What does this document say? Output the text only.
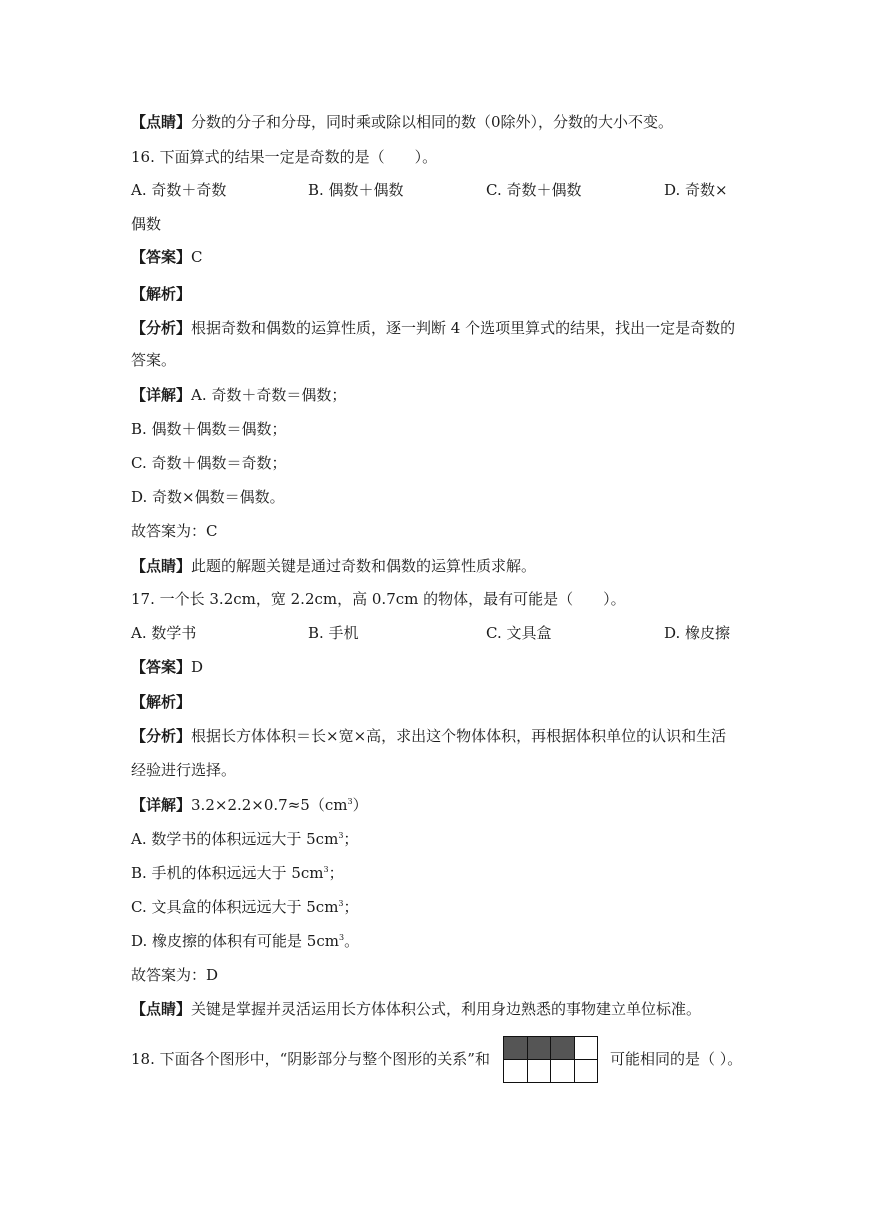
【点睛】分数的分子和分母，同时乘或除以相同的数（0除外），分数的大小不变。
16. 下面算式的结果一定是奇数的是（　　）。
A. 奇数＋奇数	B. 偶数＋偶数	C. 奇数＋偶数	D. 奇数×
偶数
【答案】C
【解析】
【分析】根据奇数和偶数的运算性质，逐一判断 4 个选项里算式的结果，找出一定是奇数的
答案。
【详解】A. 奇数＋奇数＝偶数；
B. 偶数＋偶数＝偶数；
C. 奇数＋偶数＝奇数；
D. 奇数×偶数＝偶数。
故答案为：C
【点睛】此题的解题关键是通过奇数和偶数的运算性质求解。
17. 一个长 3.2cm，宽 2.2cm，高 0.7cm 的物体，最有可能是（　　）。
A. 数学书	B. 手机	C. 文具盒	D. 橡皮擦
【答案】D
【解析】
【分析】根据长方体体积＝长×宽×高，求出这个物体体积，再根据体积单位的认识和生活
经验进行选择。
【详解】$3.2\times 2.2\times 0.7\approx 5(cm^3)$
A. 数学书的体积远远大于 $5cm^3$；
B. 手机的体积远远大于 $5cm^3$；
C. 文具盒的体积远远大于 $5cm^3$；
D. 橡皮擦的体积有可能是 $5cm^3$。
故答案为：D
【点睛】关键是掌握并灵活运用长方体体积公式，利用身边熟悉的事物建立单位标准。
18. 下面各个图形中，“阴影部分与整个图形的关系”和	可能相同的是（ ）。
